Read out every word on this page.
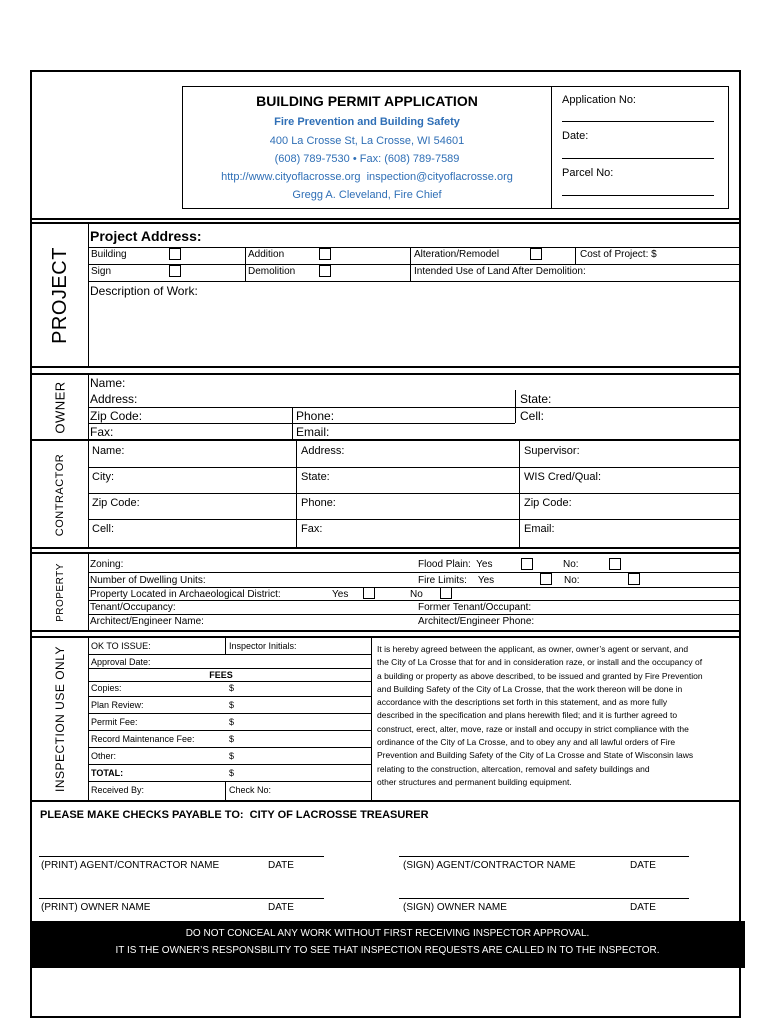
BUILDING PERMIT APPLICATION
Fire Prevention and Building Safety
400 La Crosse St, La Crosse, WI 54601
(608) 789-7530 • Fax: (608) 789-7589
http://www.cityoflacrosse.org  inspection@cityoflacrosse.org
Gregg A. Cleveland, Fire Chief
Application No:
Date:
Parcel No:
PROJECT
Project Address:
Building	Addition	Alteration/Remodel	Cost of Project: $
Sign	Demolition	Intended Use of Land After Demolition:
Description of Work:
OWNER Name:
Address:	State:
Zip Code:	Phone:	Cell:
Fax:	Email:
CONTRACTOR
Name:	Address:	Supervisor:
City:	State:	WIS Cred/Qual:
Zip Code:	Phone:	Zip Code:
Cell:	Fax:	Email:
PROPERTY Zoning:	Flood Plain:  Yes	No:
Number of Dwelling Units:	Fire Limits:    Yes	No:
Property Located in Archaeological District:	Yes	No
Tenant/Occupancy:	Former Tenant/Occupant:
Architect/Engineer Name:	Architect/Engineer Phone:
INSPECTION USE ONLY
OK TO ISSUE:	Inspector Initials:
Approval Date:
FEES
Copies:	$
Plan Review:	$
Permit Fee:	$
Record Maintenance Fee:	$
Other:	$
TOTAL:	$
Received By:	Check No:
It is hereby agreed between the applicant, as owner, owner’s agent or servant, and
the City of La Crosse that for and in consideration raze, or install and the occupancy of
a building or property as above described, to be issued and granted by Fire Prevention
and Building Safety of the City of La Crosse, that the work thereon will be done in
accordance with the descriptions set forth in this statement, and as more fully
described in the specification and plans herewith filed; and it is further agreed to
construct, erect, alter, move, raze or install and occupy in strict compliance with the
ordinance of the City of La Crosse, and to obey any and all lawful orders of Fire
Prevention and Building Safety of the City of La Crosse and State of Wisconsin laws
relating to the construction, altercation, removal and safety buildings and
other structures and permanent building equipment.
PLEASE MAKE CHECKS PAYABLE TO:  CITY OF LACROSSE TREASURER
(PRINT) AGENT/CONTRACTOR NAME	DATE	(SIGN) AGENT/CONTRACTOR NAME	DATE
(PRINT) OWNER NAME	DATE	(SIGN) OWNER NAME	DATE
DO NOT CONCEAL ANY WORK WITHOUT FIRST RECEIVING INSPECTOR APPROVAL.
IT IS THE OWNER’S RESPONSBILITY TO SEE THAT INSPECTION REQUESTS ARE CALLED IN TO THE INSPECTOR.
